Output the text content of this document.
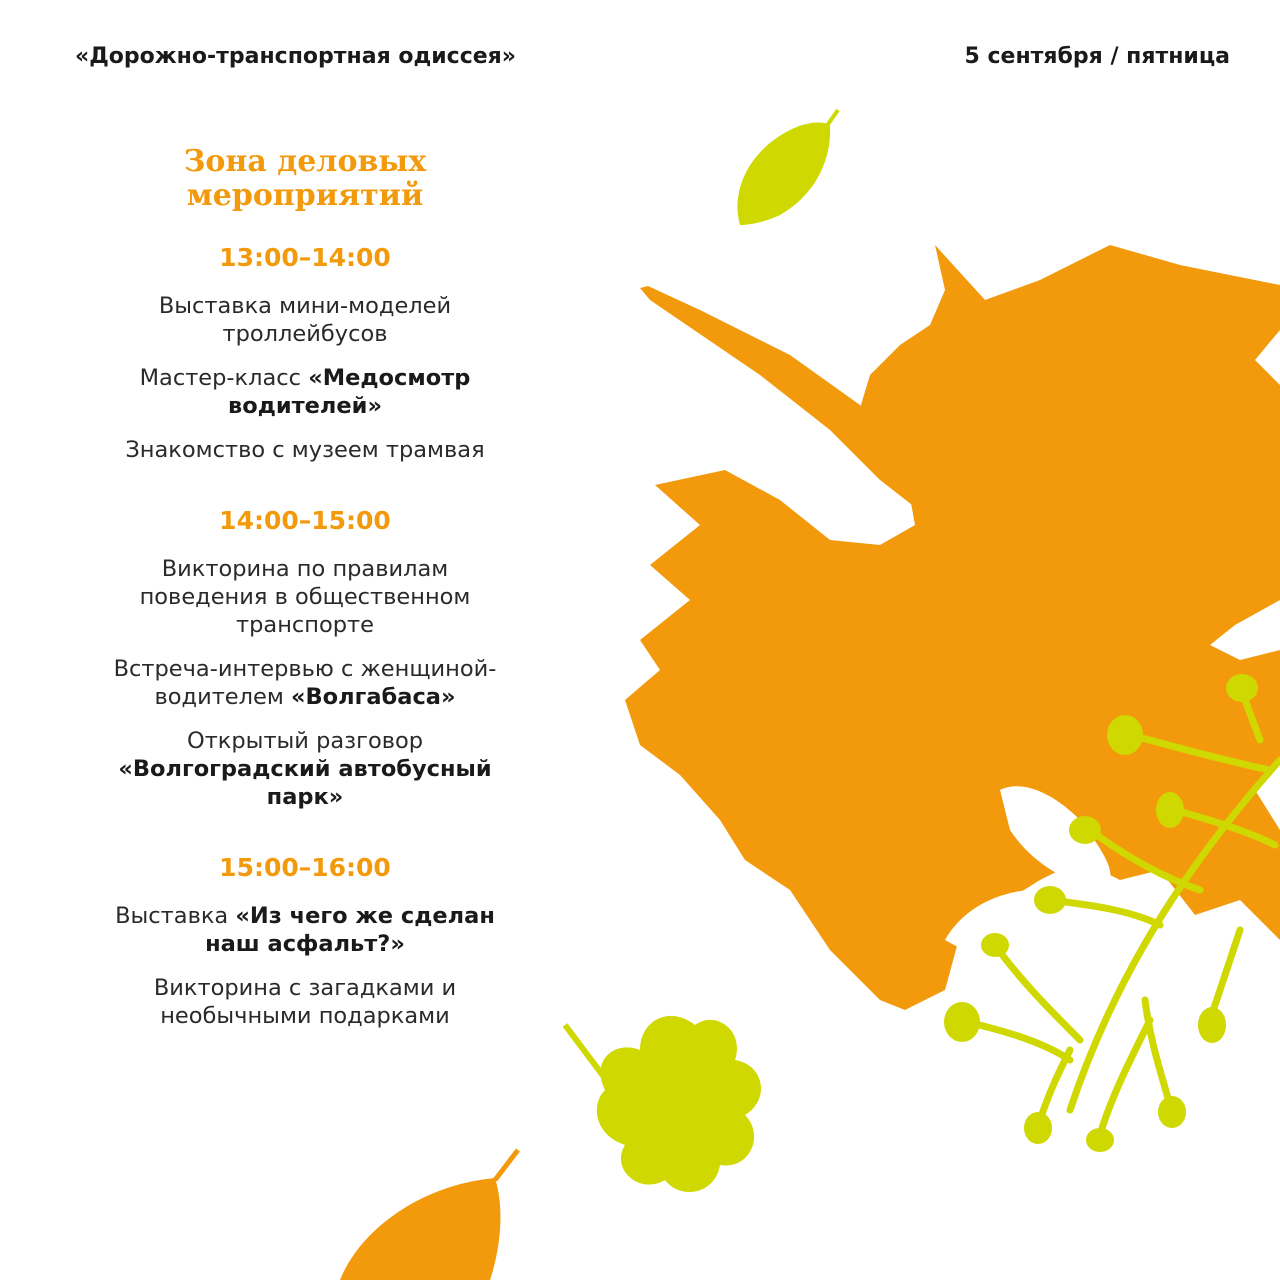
«Дорожно-транспортная одиссея»	5 сентября / пятница
Зона деловых
мероприятий
13:00–14:00
Выставка мини-моделей троллейбусов
Мастер-класс «Медосмотр водителей»
Знакомство с музеем трамвая
14:00–15:00
Викторина по правилам поведения в общественном транспорте
Встреча-интервью с женщиной-водителем «Волгабаса»
Открытый разговор «Волгоградский автобусный парк»
15:00–16:00
Выставка «Из чего же сделан наш асфальт?»
Викторина с загадками и необычными подарками
